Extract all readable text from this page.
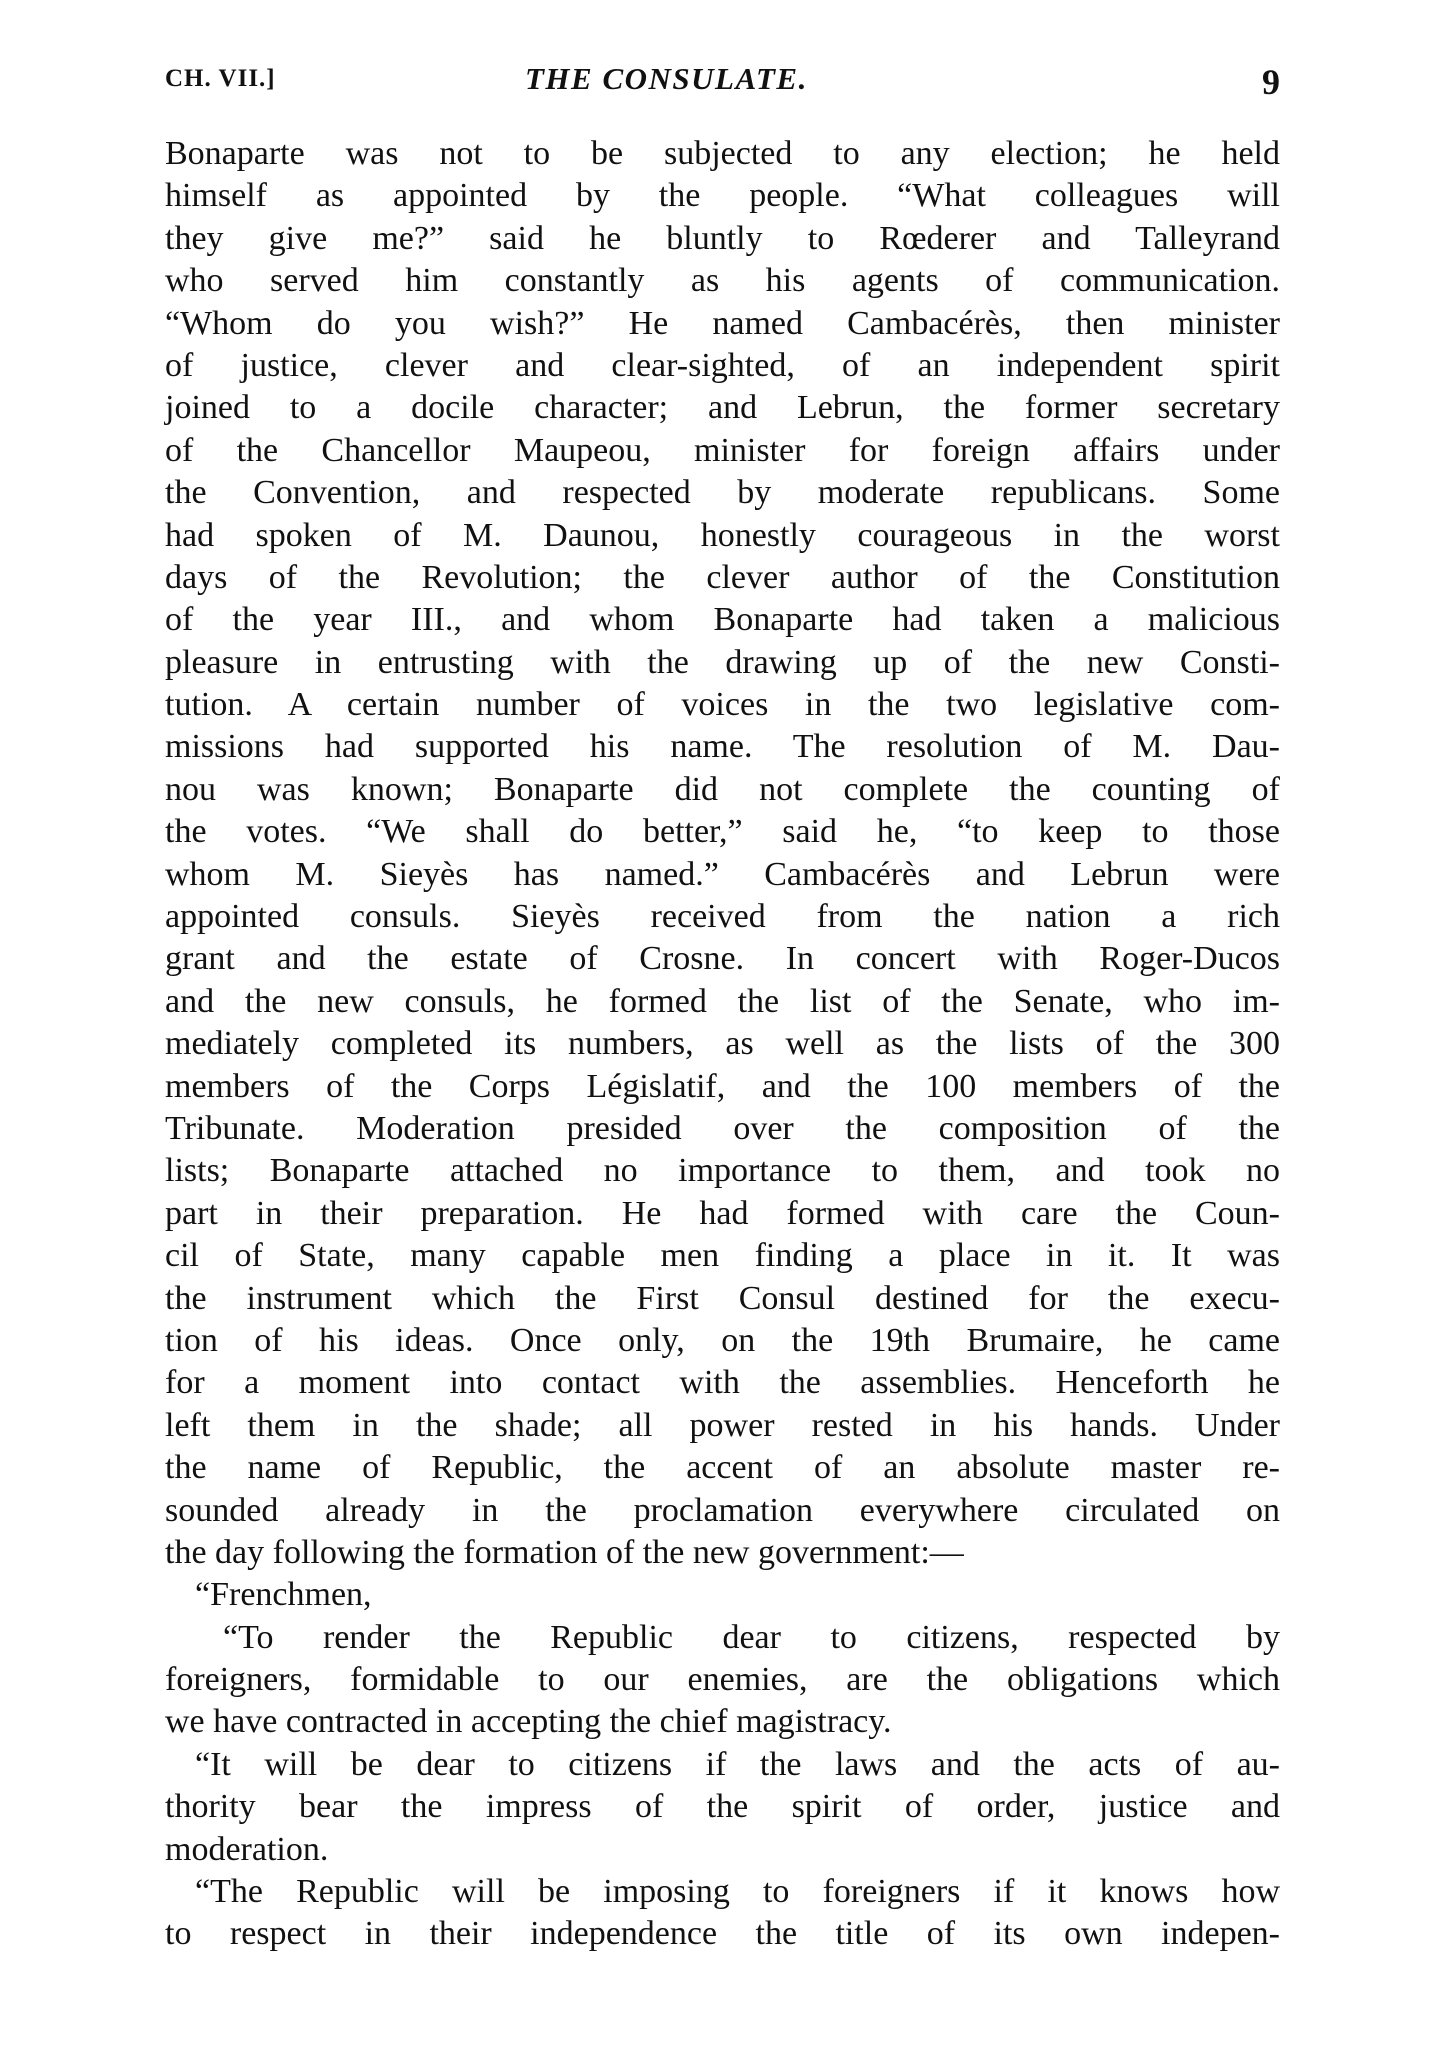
CH. VII.]	THE CONSULATE.	9
Bonaparte was not to be subjected to any election; he held
himself as appointed by the people. “What colleagues will
they give me?” said he bluntly to Rœderer and Talleyrand
who served him constantly as his agents of communication.
“Whom do you wish?” He named Cambacérès, then minister
of justice, clever and clear-sighted, of an independent spirit
joined to a docile character; and Lebrun, the former secretary
of the Chancellor Maupeou, minister for foreign affairs under
the Convention, and respected by moderate republicans. Some
had spoken of M. Daunou, honestly courageous in the worst
days of the Revolution; the clever author of the Constitution
of the year III., and whom Bonaparte had taken a malicious
pleasure in entrusting with the drawing up of the new Consti-
tution. A certain number of voices in the two legislative com-
missions had supported his name. The resolution of M. Dau-
nou was known; Bonaparte did not complete the counting of
the votes. “We shall do better,” said he, “to keep to those
whom M. Sieyès has named.” Cambacérès and Lebrun were
appointed consuls. Sieyès received from the nation a rich
grant and the estate of Crosne. In concert with Roger-Ducos
and the new consuls, he formed the list of the Senate, who im-
mediately completed its numbers, as well as the lists of the 300
members of the Corps Législatif, and the 100 members of the
Tribunate. Moderation presided over the composition of the
lists; Bonaparte attached no importance to them, and took no
part in their preparation. He had formed with care the Coun-
cil of State, many capable men finding a place in it. It was
the instrument which the First Consul destined for the execu-
tion of his ideas. Once only, on the 19th Brumaire, he came
for a moment into contact with the assemblies. Henceforth he
left them in the shade; all power rested in his hands. Under
the name of Republic, the accent of an absolute master re-
sounded already in the proclamation everywhere circulated on
the day following the formation of the new government:—
“Frenchmen,
“To render the Republic dear to citizens, respected by
foreigners, formidable to our enemies, are the obligations which
we have contracted in accepting the chief magistracy.
“It will be dear to citizens if the laws and the acts of au-
thority bear the impress of the spirit of order, justice and
moderation.
“The Republic will be imposing to foreigners if it knows how
to respect in their independence the title of its own indepen-
